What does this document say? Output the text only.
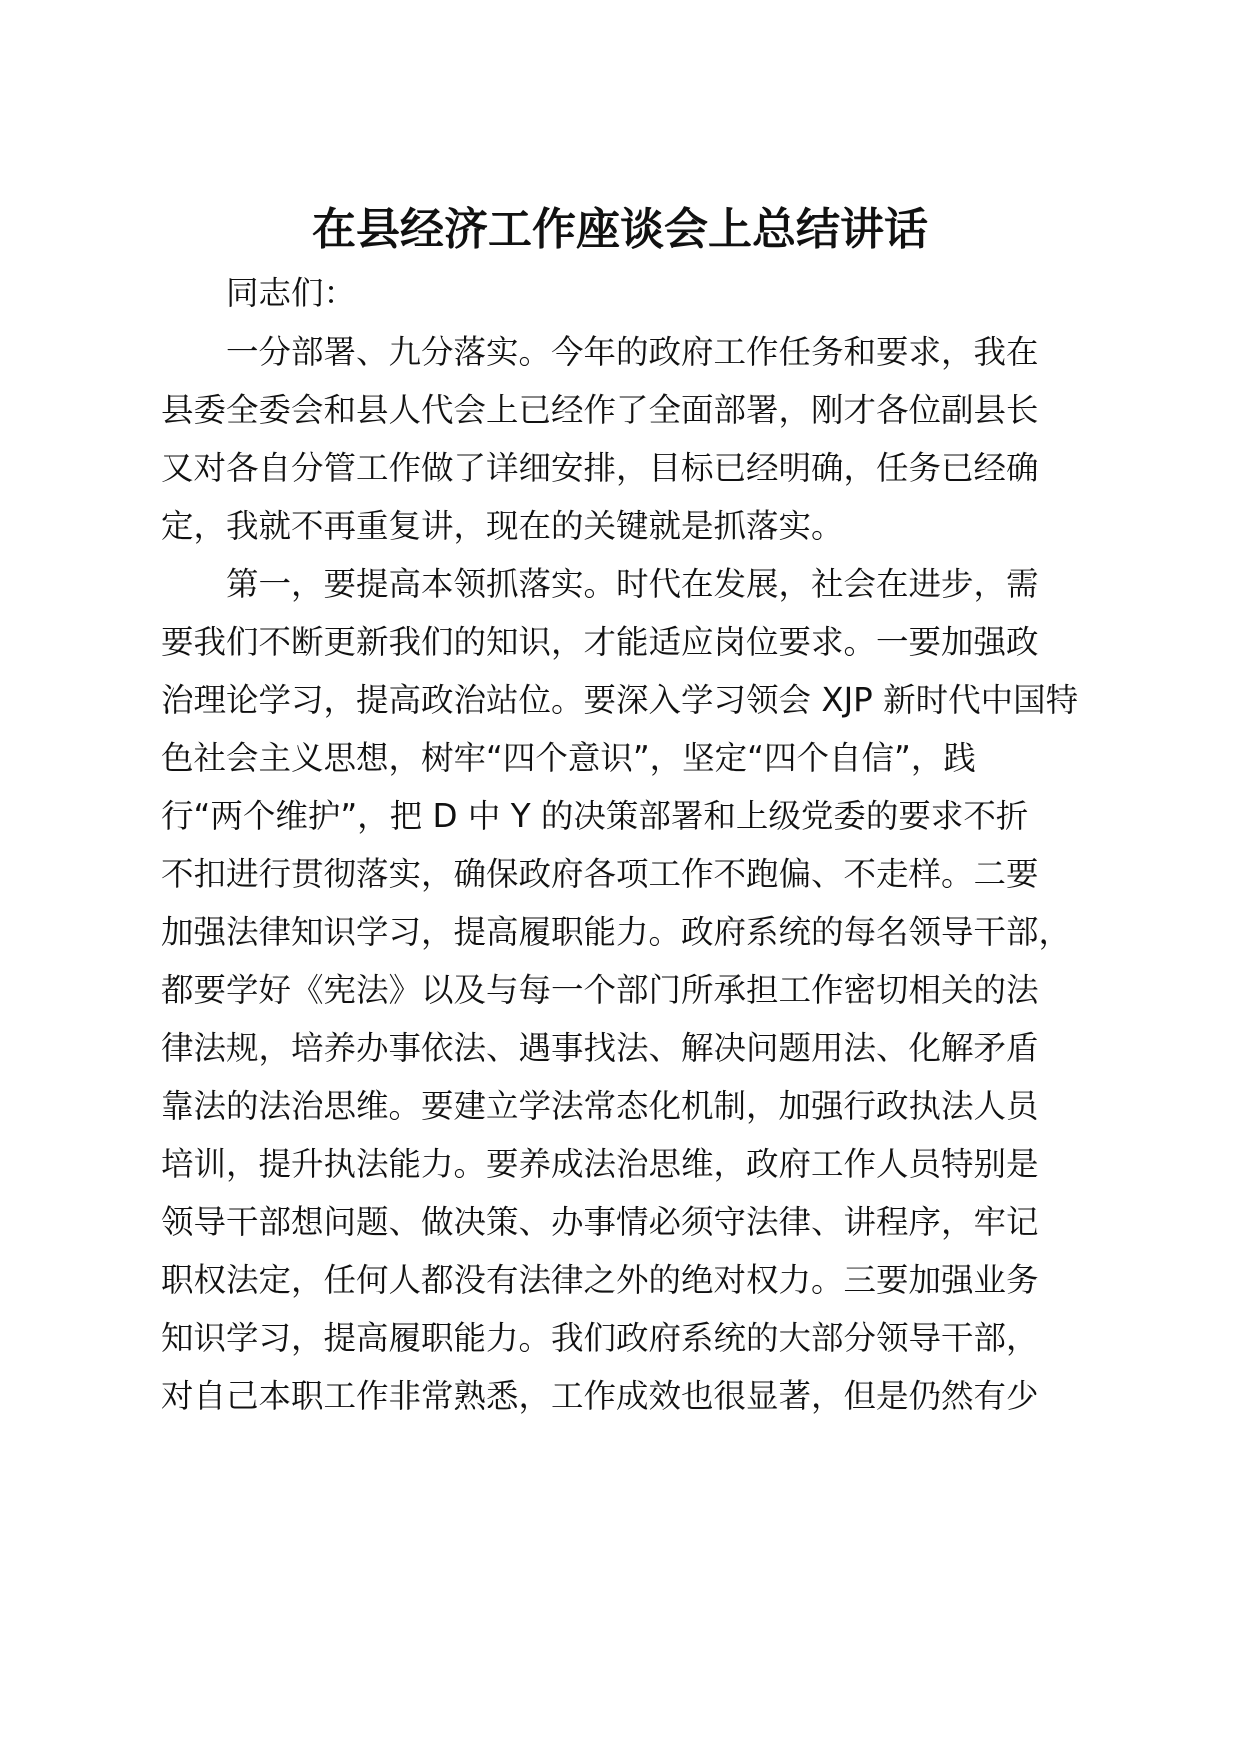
在县经济工作座谈会上总结讲话

同志们：

一分部署、九分落实。今年的政府工作任务和要求，我在

县委全委会和县人代会上已经作了全面部署，刚才各位副县长

又对各自分管工作做了详细安排，目标已经明确，任务已经确

定，我就不再重复讲，现在的关键就是抓落实。

第一，要提高本领抓落实。时代在发展，社会在进步，需

要我们不断更新我们的知识，才能适应岗位要求。一要加强政

治理论学习，提高政治站位。要深入学习领会 XJP 新时代中国特

色社会主义思想，树牢“四个意识”，坚定“四个自信”，践

行“两个维护”，把 D 中 Y 的决策部署和上级党委的要求不折

不扣进行贯彻落实，确保政府各项工作不跑偏、不走样。二要

加强法律知识学习，提高履职能力。政府系统的每名领导干部，

都要学好《宪法》以及与每一个部门所承担工作密切相关的法

律法规，培养办事依法、遇事找法、解决问题用法、化解矛盾

靠法的法治思维。要建立学法常态化机制，加强行政执法人员

培训，提升执法能力。要养成法治思维，政府工作人员特别是

领导干部想问题、做决策、办事情必须守法律、讲程序，牢记

职权法定，任何人都没有法律之外的绝对权力。三要加强业务

知识学习，提高履职能力。我们政府系统的大部分领导干部，

对自己本职工作非常熟悉，工作成效也很显著，但是仍然有少
